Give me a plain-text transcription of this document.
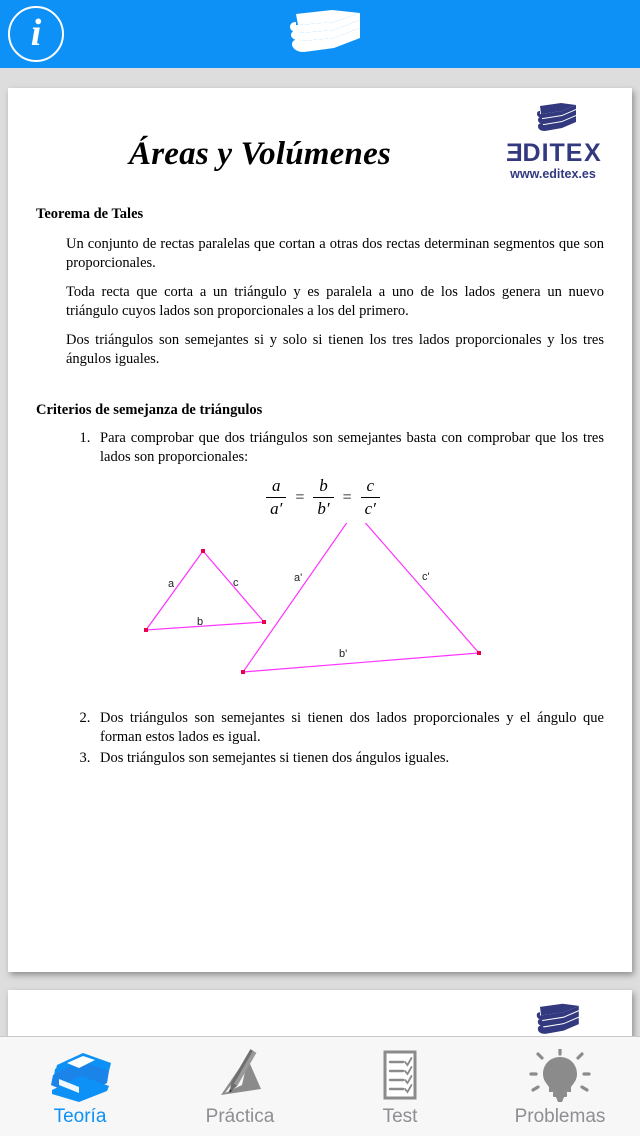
i
Áreas y Volúmenes	EDITEX
www.editex.es
Teorema de Tales

Un conjunto de rectas paralelas que cortan a otras dos rectas determinan segmentos que son proporcionales.

Toda recta que corta a un triángulo y es paralela a uno de los lados genera un nuevo triángulo cuyos lados son proporcionales a los del primero.

Dos triángulos son semejantes si y solo si tienen los tres lados proporcionales y los tres ángulos iguales.

Criterios de semejanza de triángulos
1. Para comprobar que dos triángulos son semejantes basta con comprobar que los tres lados son proporcionales:
$\frac{a}{a'} = \frac{b}{b'} = \frac{c}{c'}$
a	c
b
a'	c'
b'
2. Dos triángulos son semejantes si tienen dos lados proporcionales y el ángulo que forman estos lados es igual.
3. Dos triángulos son semejantes si tienen dos ángulos iguales.
Teoría	Práctica	Test	Problemas
